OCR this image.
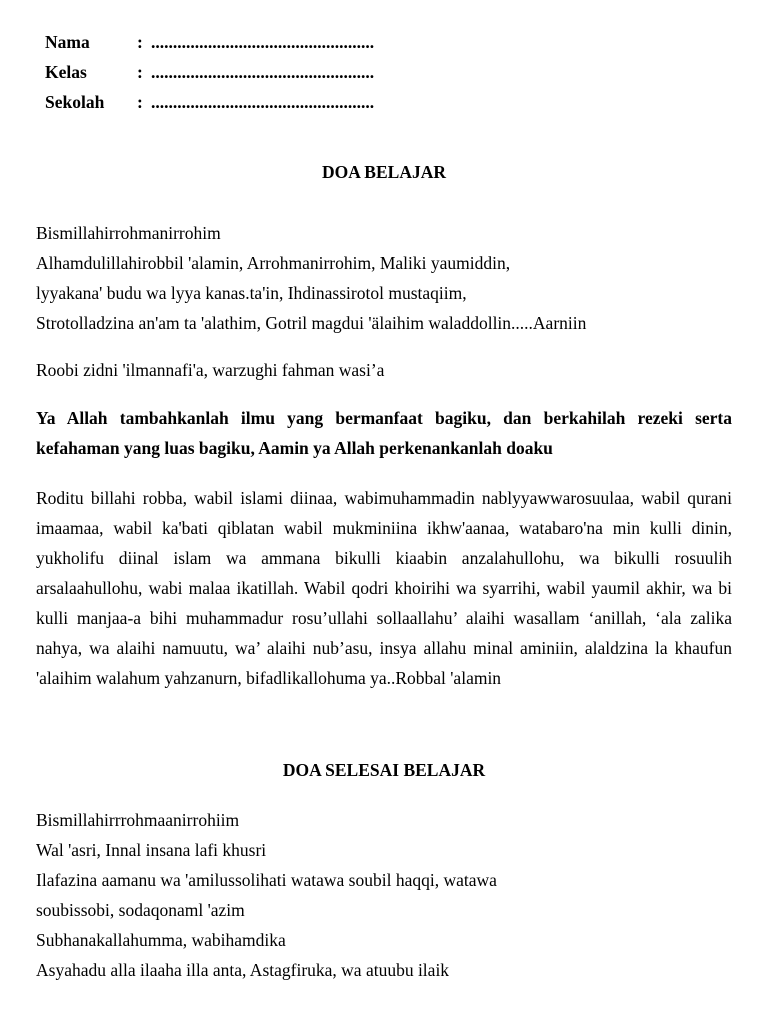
Nama	: ...................................................
Kelas	: ...................................................
Sekolah	: ...................................................
DOA BELAJAR
Bismillahirrohmanirrohim
Alhamdulillahirobbil 'alamin, Arrohmanirrohim, Maliki yaumiddin,
lyyakana' budu wa lyya kanas.ta'in, Ihdinassirotol mustaqiim,
Strotolladzina an'am ta 'alathim, Gotril magdui 'älaihim waladdollin.....Aarniin
Roobi zidni 'ilmannafi'a, warzughi fahman wasi’a

Ya Allah tambahkanlah ilmu yang bermanfaat bagiku, dan berkahilah rezeki serta kefahaman yang luas bagiku, Aamin ya Allah perkenankanlah doaku

Roditu billahi robba, wabil islami diinaa, wabimuhammadin nablyyawwarosuulaa, wabil qurani imaamaa, wabil ka'bati qiblatan wabil mukminiina ikhw'aanaa, watabaro'na min kulli dinin, yukholifu diinal islam wa ammana bikulli kiaabin anzalahullohu, wa bikulli rosuulih arsalaahullohu, wabi malaa ikatillah. Wabil qodri khoirihi wa syarrihi, wabil yaumil akhir, wa bi kulli manjaa-a bihi muhammadur rosu’ullahi sollaallahu’ alaihi wasallam ‘anillah, ‘ala zalika nahya, wa alaihi namuutu, wa’ alaihi nub’asu, insya allahu minal aminiin, alaldzina la khaufun 'alaihim walahum yahzanurn, bifadlikallohuma ya..Robbal 'alamin

DOA SELESAI BELAJAR
Bismillahirrrohmaanirrohiim
Wal 'asri, Innal insana lafi khusri
Ilafazina aamanu wa 'amilussolihati watawa soubil haqqi, watawa
soubissobi, sodaqonaml 'azim
Subhanakallahumma, wabihamdika
Asyahadu alla ilaaha illa anta, Astagfiruka, wa atuubu ilaik
